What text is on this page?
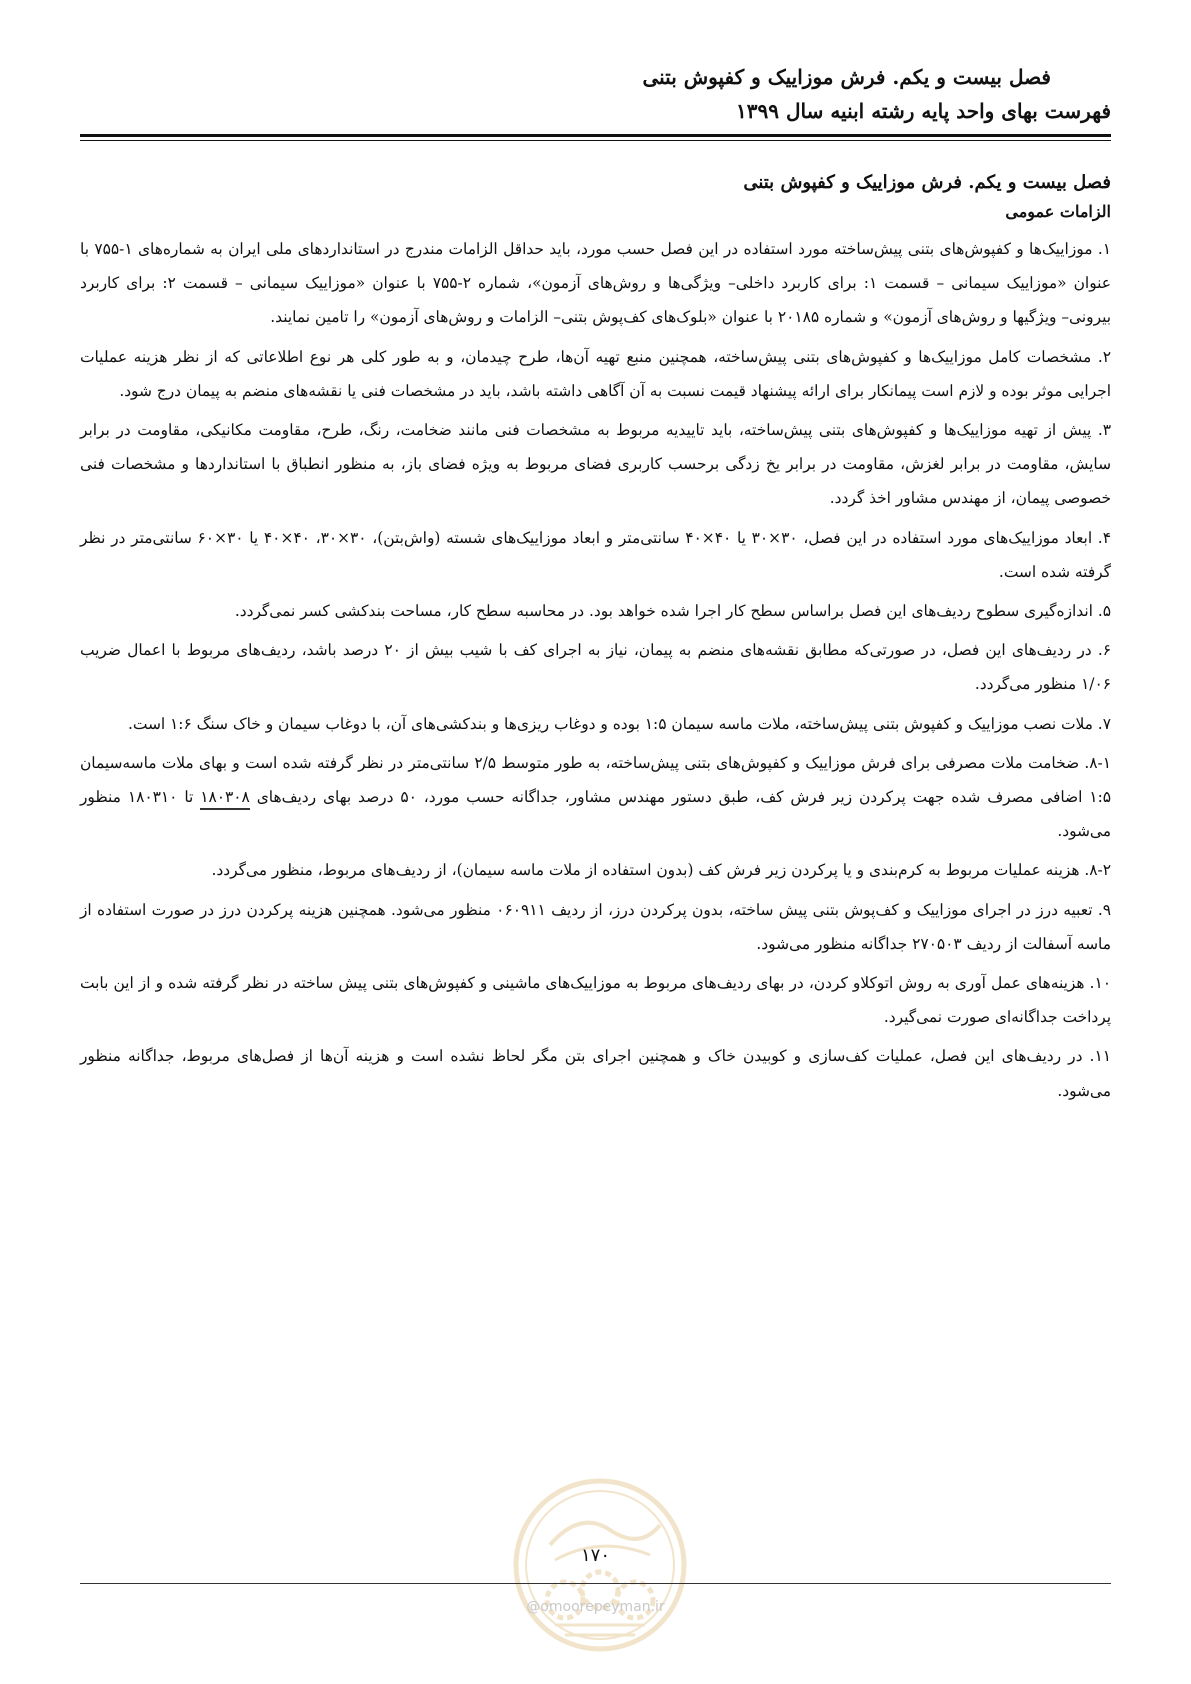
فصل بیست و یکم. فرش موزاییک و کفپوش بتنی
فهرست بهای واحد پایه رشته ابنیه سال ۱۳۹۹
فصل بیست و یکم. فرش موزاییک و کفپوش بتنی
الزامات عمومی

۱. موزاییک‌ها و کفپوش‌های بتنی پیش‌ساخته مورد استفاده در این فصل حسب مورد، باید حداقل الزامات مندرج در استانداردهای ملی ایران به شماره‌های ۱-۷۵۵ با عنوان «موزاییک سیمانی – قسمت ۱: برای کاربرد داخلی– ویژگی‌ها و روش‌های آزمون»، شماره ۲-۷۵۵ با عنوان «موزاییک سیمانی – قسمت ۲: برای کاربرد بیرونی– ویژگیها و روش‌های آزمون» و شماره ۲۰۱۸۵ با عنوان «بلوک‌های کف‌پوش بتنی– الزامات و روش‌های آزمون» را تامین نمایند.

۲. مشخصات کامل موزاییک‌ها و کفپوش‌های بتنی پیش‌ساخته، همچنین منبع تهیه آن‌ها، طرح چیدمان، و به طور کلی هر نوع اطلاعاتی که از نظر هزینه عملیات اجرایی موثر بوده و لازم است پیمانکار برای ارائه پیشنهاد قیمت نسبت به آن آگاهی داشته باشد، باید در مشخصات فنی یا نقشه‌های منضم به پیمان درج شود.

۳. پیش از تهیه موزاییک‌ها و کفپوش‌های بتنی پیش‌ساخته، باید تاییدیه مربوط به مشخصات فنی مانند ضخامت، رنگ، طرح، مقاومت مکانیکی، مقاومت در برابر سایش، مقاومت در برابر لغزش، مقاومت در برابر یخ زدگی برحسب کاربری فضای مربوط به ویژه فضای باز، به منظور انطباق با استانداردها و مشخصات فنی خصوصی پیمان، از مهندس مشاور اخذ گردد.

۴. ابعاد موزاییک‌های مورد استفاده در این فصل، ۳۰×۳۰ یا ۴۰×۴۰ سانتی‌متر و ابعاد موزاییک‌های شسته (واش‌بتن)، ۳۰×۳۰، ۴۰×۴۰ یا ۳۰×۶۰ سانتی‌متر در نظر گرفته شده است.

۵. اندازه‌گیری سطوح ردیف‌های این فصل براساس سطح کار اجرا شده خواهد بود. در محاسبه سطح کار، مساحت بندکشی کسر نمی‌گردد.

۶. در ردیف‌های این فصل، در صورتی‌که مطابق نقشه‌های منضم به پیمان، نیاز به اجرای کف با شیب بیش از ۲۰ درصد باشد، ردیف‌های مربوط با اعمال ضریب ۱/۰۶ منظور می‌گردد.

۷. ملات نصب موزاییک و کفپوش بتنی پیش‌ساخته، ملات ماسه سیمان ۱:۵ بوده و دوغاب ریزی‌ها و بندکشی‌های آن، با دوغاب سیمان و خاک سنگ ۱:۶ است.

۸-۱. ضخامت ملات مصرفی برای فرش موزاییک و کفپوش‌های بتنی پیش‌ساخته، به طور متوسط ۲/۵ سانتی‌متر در نظر گرفته شده است و بهای ملات ماسه‌سیمان ۱:۵ اضافی مصرف شده جهت پرکردن زیر فرش کف، طبق دستور مهندس مشاور، جداگانه حسب مورد، ۵۰ درصد بهای ردیف‌های ۱۸۰۳۰۸ تا ۱۸۰۳۱۰ منظور می‌شود.

۸-۲. هزینه عملیات مربوط به کرم‌بندی و یا پرکردن زیر فرش کف (بدون استفاده از ملات ماسه سیمان)، از ردیف‌های مربوط، منظور می‌گردد.

۹. تعبیه درز در اجرای موزاییک و کف‌پوش بتنی پیش ساخته، بدون پرکردن درز، از ردیف ۰۶۰۹۱۱ منظور می‌شود. همچنین هزینه پرکردن درز در صورت استفاده از ماسه آسفالت از ردیف ۲۷۰۵۰۳ جداگانه منظور می‌شود.

۱۰. هزینه‌های عمل آوری به روش اتوکلاو کردن، در بهای ردیف‌های مربوط به موزاییک‌های ماشینی و کفپوش‌های بتنی پیش ساخته در نظر گرفته شده و از این بابت پرداخت جداگانه‌ای صورت نمی‌گیرد.

۱۱. در ردیف‌های این فصل، عملیات کف‌سازی و کوبیدن خاک و همچنین اجرای بتن مگر لحاظ نشده است و هزینه آن‌ها از فصل‌های مربوط، جداگانه منظور می‌شود.

۱۷۰
@omoorepeyman.ir
